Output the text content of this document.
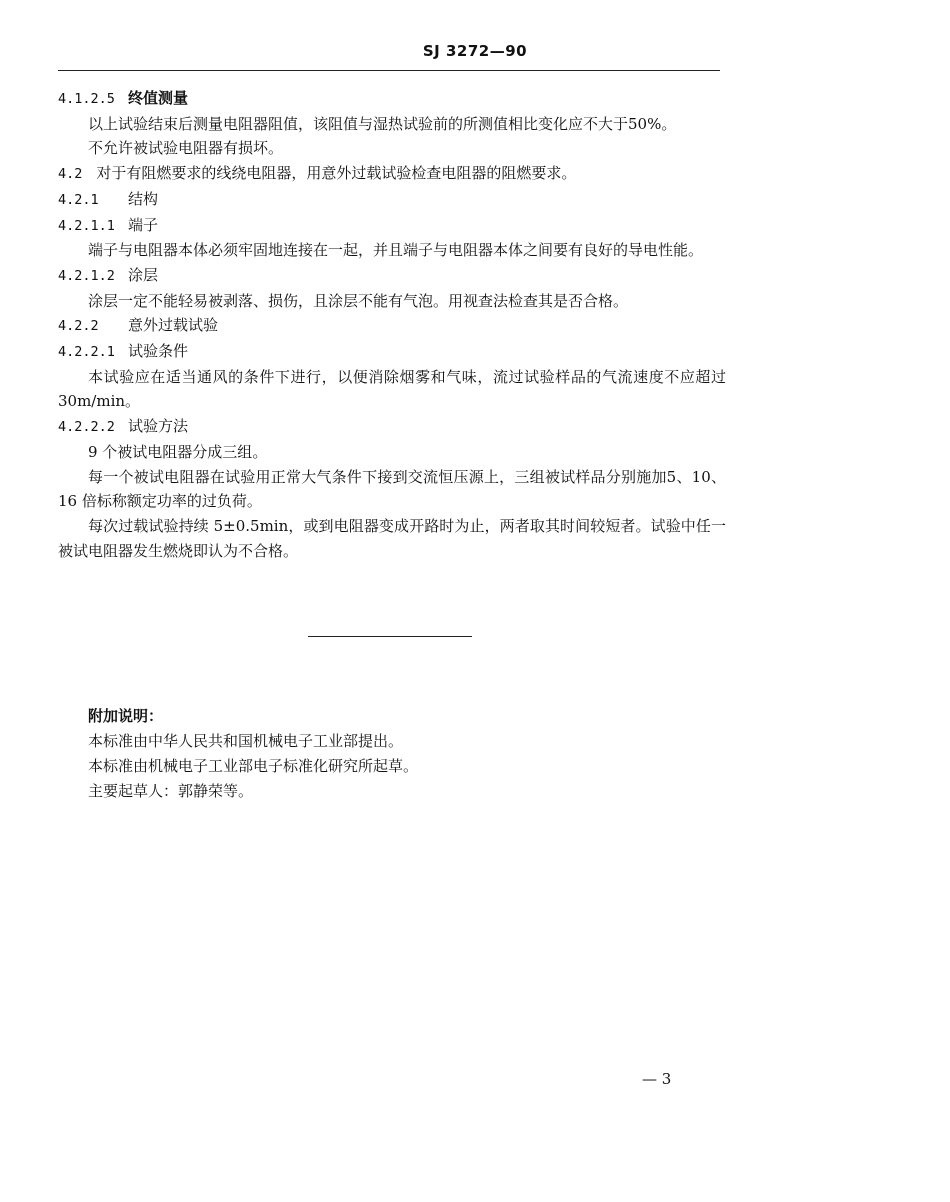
SJ 3272—90

4.1.2.5 终值测量

以上试验结束后测量电阻器阻值，该阻值与湿热试验前的所测值相比变化应不大于50%。

不允许被试验电阻器有损坏。

4.2 对于有阻燃要求的线绕电阻器，用意外过载试验检查电阻器的阻燃要求。

4.2.1 结构

4.2.1.1 端子

端子与电阻器本体必须牢固地连接在一起，并且端子与电阻器本体之间要有良好的导电性能。

4.2.1.2 涂层

涂层一定不能轻易被剥落、损伤，且涂层不能有气泡。用视查法检查其是否合格。

4.2.2 意外过载试验

4.2.2.1 试验条件

本试验应在适当通风的条件下进行，以便消除烟雾和气味，流过试验样品的气流速度不应超过 30m/min。

4.2.2.2 试验方法

9 个被试电阻器分成三组。

每一个被试电阻器在试验用正常大气条件下接到交流恒压源上，三组被试样品分别施加5、10、16 倍标称额定功率的过负荷。

每次过载试验持续 5±0.5min，或到电阻器变成开路时为止，两者取其时间较短者。试验中任一被试电阻器发生燃烧即认为不合格。

附加说明：

本标准由中华人民共和国机械电子工业部提出。

本标准由机械电子工业部电子标准化研究所起草。

主要起草人：郭静荣等。

— 3
